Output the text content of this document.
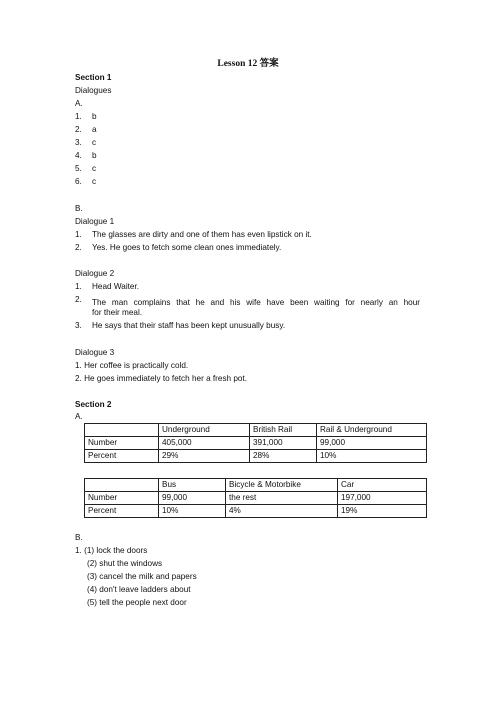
Lesson 12 答案
Section 1
Dialogues
A.
1. b
2. a
3. c
4. b
5. c
6. c
B.
Dialogue 1
1. The glasses are dirty and one of them has even lipstick on it.
2. Yes. He goes to fetch some clean ones immediately.
Dialogue 2
1. Head Waiter.
2. The man complains that he and his wife have been waiting for nearly an hour
for their meal.
3. He says that their staff has been kept unusually busy.
Dialogue 3
1. Her coffee is practically cold.
2. He goes immediately to fetch her a fresh pot.
Section 2
A.
	Underground	British Rail	Rail & Underground
Number	405,000	391,000	99,000
Percent	29%	28%	10%
	Bus	Bicycle & Motorbike	Car
Number	99,000	the rest	197,000
Percent	10%	4%	19%
B.
1. (1) lock the doors
(2) shut the windows
(3) cancel the milk and papers
(4) don't leave ladders about
(5) tell the people next door
